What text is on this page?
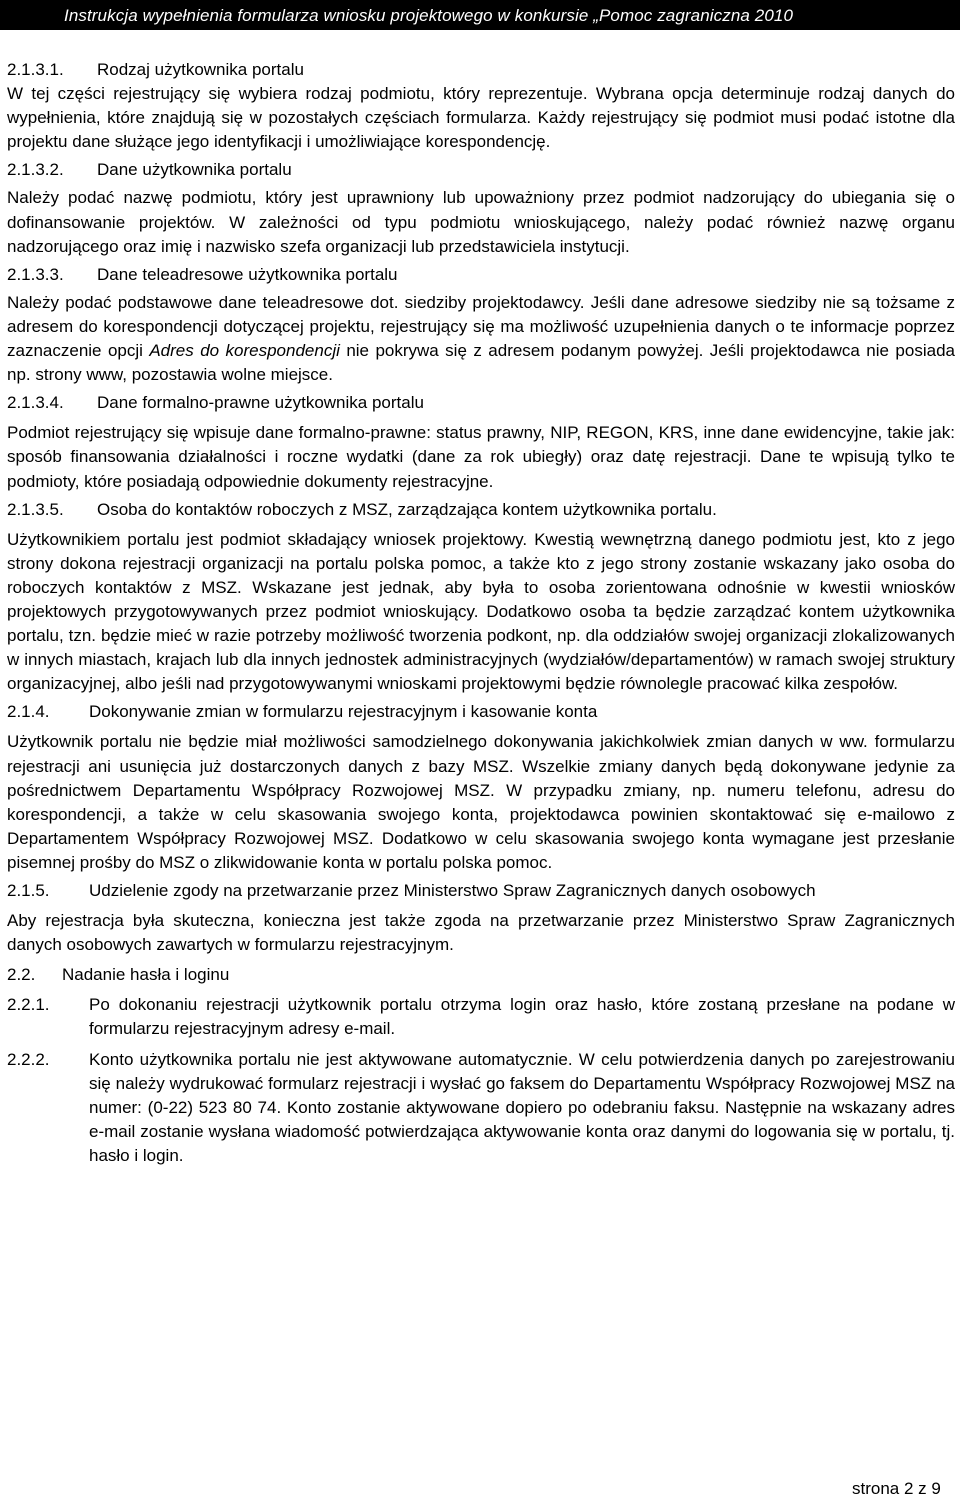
Instrukcja wypełnienia formularza wniosku projektowego w konkursie „Pomoc zagraniczna 2010
2.1.3.1.	Rodzaj użytkownika portalu

W tej części rejestrujący się wybiera rodzaj podmiotu, który reprezentuje. Wybrana opcja determinuje rodzaj danych do wypełnienia, które znajdują się w pozostałych częściach formularza. Każdy rejestrujący się podmiot musi podać istotne dla projektu dane służące jego identyfikacji i umożliwiające korespondencję.

2.1.3.2.	Dane użytkownika portalu

Należy podać nazwę podmiotu, który jest uprawniony lub upoważniony przez podmiot nadzorujący do ubiegania się o dofinansowanie projektów. W zależności od typu podmiotu wnioskującego, należy podać również nazwę organu nadzorującego oraz imię i nazwisko szefa organizacji lub przedstawiciela instytucji.

2.1.3.3.	Dane teleadresowe użytkownika portalu

Należy podać podstawowe dane teleadresowe dot. siedziby projektodawcy. Jeśli dane adresowe siedziby nie są tożsame z adresem do korespondencji dotyczącej projektu, rejestrujący się ma możliwość uzupełnienia danych o te informacje poprzez zaznaczenie opcji Adres do korespondencji nie pokrywa się z adresem podanym powyżej. Jeśli projektodawca nie posiada np. strony www, pozostawia wolne miejsce.

2.1.3.4.	Dane formalno-prawne użytkownika portalu

Podmiot rejestrujący się wpisuje dane formalno-prawne: status prawny, NIP, REGON, KRS, inne dane ewidencyjne, takie jak: sposób finansowania działalności i roczne wydatki (dane za rok ubiegły) oraz datę rejestracji. Dane te wpisują tylko te podmioty, które posiadają odpowiednie dokumenty rejestracyjne.

2.1.3.5.	Osoba do kontaktów roboczych z MSZ, zarządzająca kontem użytkownika portalu.

Użytkownikiem portalu jest podmiot składający wniosek projektowy. Kwestią wewnętrzną danego podmiotu jest, kto z jego strony dokona rejestracji organizacji na portalu polska pomoc, a także kto z jego strony zostanie wskazany jako osoba do roboczych kontaktów z MSZ. Wskazane jest jednak, aby była to osoba zorientowana odnośnie w kwestii wniosków projektowych przygotowywanych przez podmiot wnioskujący. Dodatkowo osoba ta będzie zarządzać kontem użytkownika portalu, tzn. będzie mieć w razie potrzeby możliwość tworzenia podkont, np. dla oddziałów swojej organizacji zlokalizowanych w innych miastach, krajach lub dla innych jednostek administracyjnych (wydziałów/departamentów) w ramach swojej struktury organizacyjnej, albo jeśli nad przygotowywanymi wnioskami projektowymi będzie równolegle pracować kilka zespołów.

2.1.4.	Dokonywanie zmian w formularzu rejestracyjnym i kasowanie konta

Użytkownik portalu nie będzie miał możliwości samodzielnego dokonywania jakichkolwiek zmian danych w ww. formularzu rejestracji ani usunięcia już dostarczonych danych z bazy MSZ. Wszelkie zmiany danych będą dokonywane jedynie za pośrednictwem Departamentu Współpracy Rozwojowej MSZ. W przypadku zmiany, np. numeru telefonu, adresu do korespondencji, a także w celu skasowania swojego konta, projektodawca powinien skontaktować się e-mailowo z Departamentem Współpracy Rozwojowej MSZ. Dodatkowo w celu skasowania swojego konta wymagane jest przesłanie pisemnej prośby do MSZ o zlikwidowanie konta w portalu polska pomoc.

2.1.5.	Udzielenie zgody na przetwarzanie przez Ministerstwo Spraw Zagranicznych danych osobowych

Aby rejestracja była skuteczna, konieczna jest także zgoda na przetwarzanie przez Ministerstwo Spraw Zagranicznych danych osobowych zawartych w formularzu rejestracyjnym.

2.2.	Nadanie hasła i loginu
2.2.1.	Po dokonaniu rejestracji użytkownik portalu otrzyma login oraz hasło, które zostaną przesłane na podane w formularzu rejestracyjnym adresy e-mail.
2.2.2.	Konto użytkownika portalu nie jest aktywowane automatycznie. W celu potwierdzenia danych po zarejestrowaniu się należy wydrukować formularz rejestracji i wysłać go faksem do Departamentu Współpracy Rozwojowej MSZ na numer: (0-22) 523 80 74. Konto zostanie aktywowane dopiero po odebraniu faksu. Następnie na wskazany adres e-mail zostanie wysłana wiadomość potwierdzająca aktywowanie konta oraz danymi do logowania się w portalu, tj. hasło i login.
strona 2 z 9
